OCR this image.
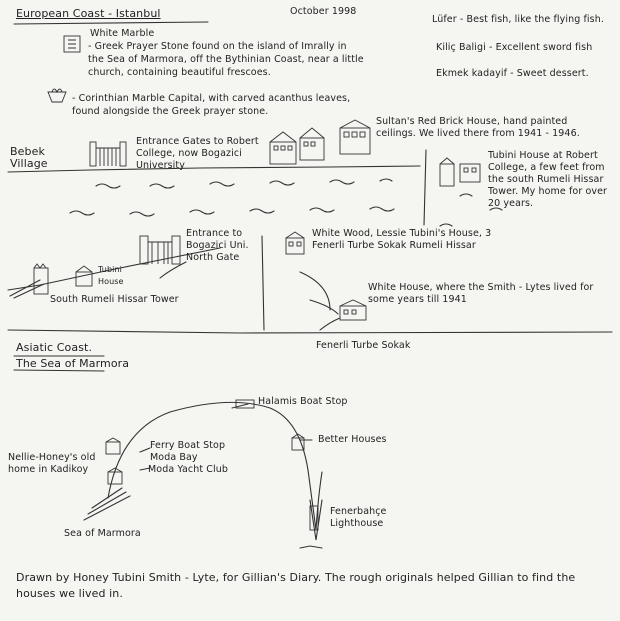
European Coast - Istanbul	October 1998
White Marble
- Greek Prayer Stone found on the island of Imrally in the Sea of Marmora, off the Bythinian Coast, near a little church, containing beautiful frescoes.
- Corinthian Marble Capital, with carved acanthus leaves, found alongside the Greek prayer stone.
Lüfer - Best fish, like the flying fish.
Kiliç Baligi - Excellent sword fish
Ekmek kadayif - Sweet dessert.
Bebek Village
Entrance Gates to Robert College, now Bogazici University
Sultan's Red Brick House, hand painted ceilings. We lived there from 1941 - 1946.
Tubini House at Robert College, a few feet from the south Rumeli Hissar Tower. My home for over 20 years.
Entrance to Bogazici Uni. North Gate
Tubini House
South Rumeli Hissar Tower
White Wood, Lessie Tubini's House, 3 Fenerli Turbe Sokak Rumeli Hissar
White House, where the Smith - Lytes lived for some years till 1941
Fenerli Turbe Sokak
Asiatic Coast.
The Sea of Marmora
Halamis Boat Stop
Ferry Boat Stop Moda Bay
Moda Yacht Club
Better Houses
Nellie-Honey's old home in Kadikoy
Fenerbahçe Lighthouse
Sea of Marmora
Drawn by Honey Tubini Smith - Lyte, for Gillian's Diary. The rough originals helped Gillian to find the houses we lived in.
